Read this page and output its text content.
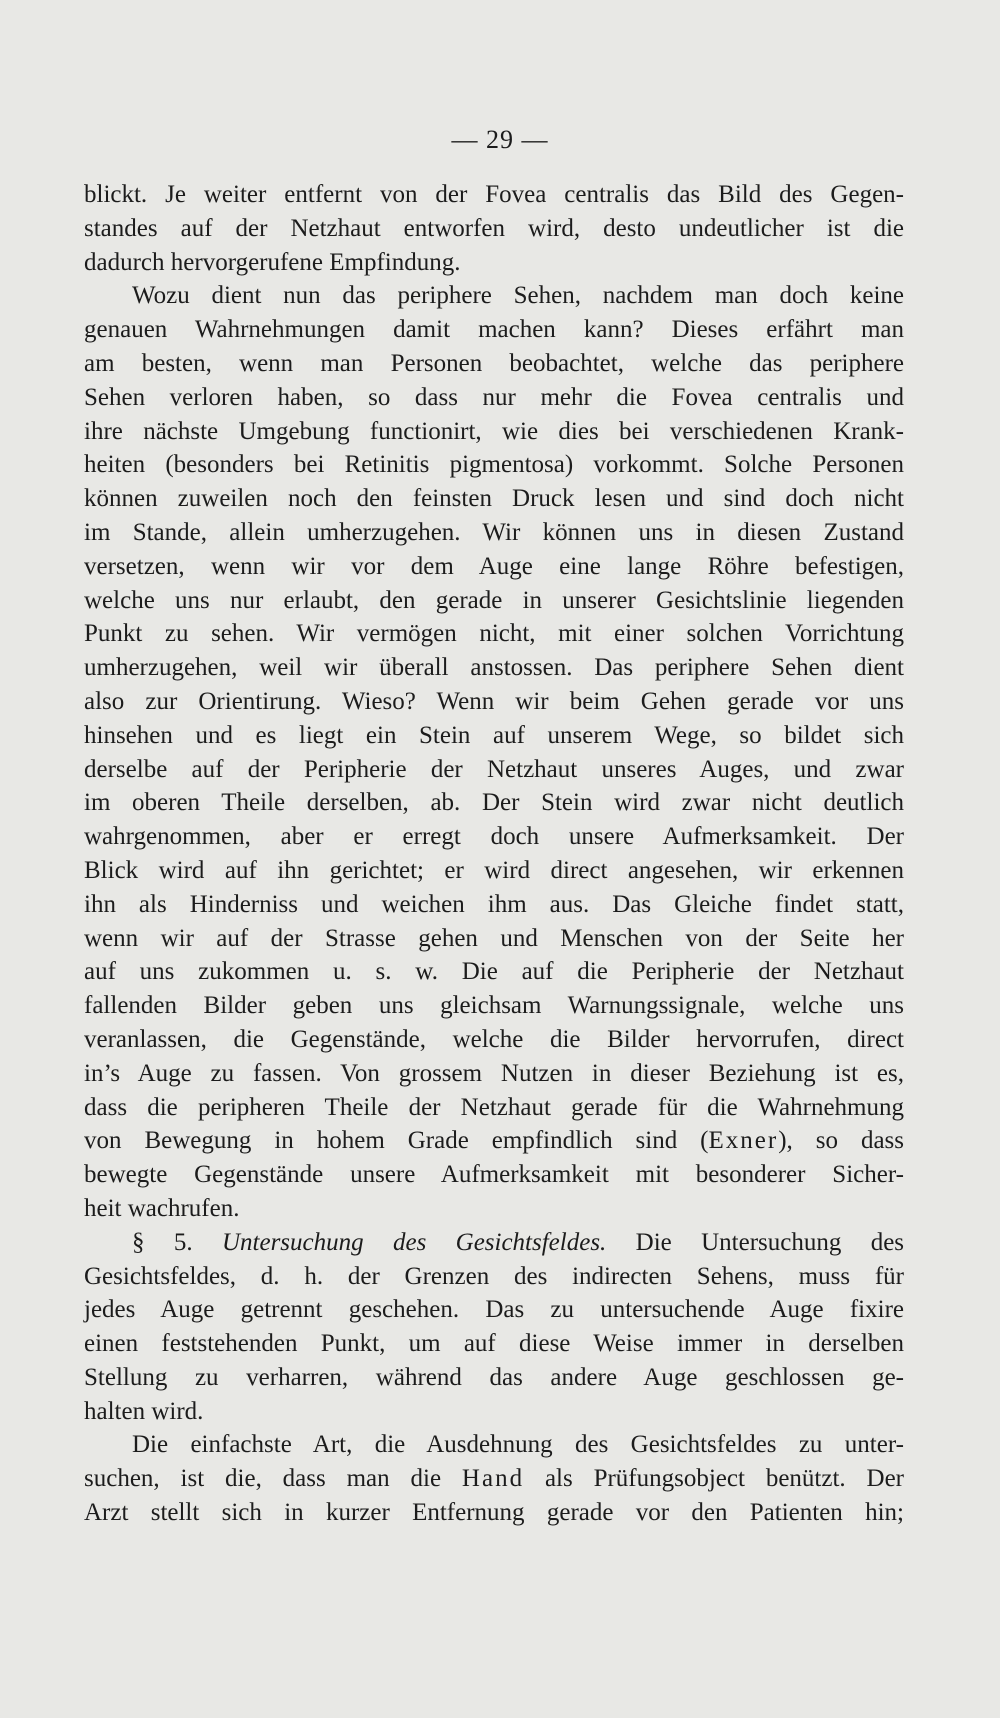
— 29 —
blickt. Je weiter entfernt von der Fovea centralis das Bild des Gegen-
standes auf der Netzhaut entworfen wird, desto undeutlicher ist die
dadurch hervorgerufene Empfindung.
Wozu dient nun das periphere Sehen, nachdem man doch keine
genauen Wahrnehmungen damit machen kann? Dieses erfährt man
am besten, wenn man Personen beobachtet, welche das periphere
Sehen verloren haben, so dass nur mehr die Fovea centralis und
ihre nächste Umgebung functionirt, wie dies bei verschiedenen Krank-
heiten (besonders bei Retinitis pigmentosa) vorkommt. Solche Personen
können zuweilen noch den feinsten Druck lesen und sind doch nicht
im Stande, allein umherzugehen. Wir können uns in diesen Zustand
versetzen, wenn wir vor dem Auge eine lange Röhre befestigen,
welche uns nur erlaubt, den gerade in unserer Gesichtslinie liegenden
Punkt zu sehen. Wir vermögen nicht, mit einer solchen Vorrichtung
umherzugehen, weil wir überall anstossen. Das periphere Sehen dient
also zur Orientirung. Wieso? Wenn wir beim Gehen gerade vor uns
hinsehen und es liegt ein Stein auf unserem Wege, so bildet sich
derselbe auf der Peripherie der Netzhaut unseres Auges, und zwar
im oberen Theile derselben, ab. Der Stein wird zwar nicht deutlich
wahrgenommen, aber er erregt doch unsere Aufmerksamkeit. Der
Blick wird auf ihn gerichtet; er wird direct angesehen, wir erkennen
ihn als Hinderniss und weichen ihm aus. Das Gleiche findet statt,
wenn wir auf der Strasse gehen und Menschen von der Seite her
auf uns zukommen u. s. w. Die auf die Peripherie der Netzhaut
fallenden Bilder geben uns gleichsam Warnungssignale, welche uns
veranlassen, die Gegenstände, welche die Bilder hervorrufen, direct
in’s Auge zu fassen. Von grossem Nutzen in dieser Beziehung ist es,
dass die peripheren Theile der Netzhaut gerade für die Wahrnehmung
von Bewegung in hohem Grade empfindlich sind (Exner), so dass
bewegte Gegenstände unsere Aufmerksamkeit mit besonderer Sicher-
heit wachrufen.
§ 5. Untersuchung des Gesichtsfeldes. Die Untersuchung des
Gesichtsfeldes, d. h. der Grenzen des indirecten Sehens, muss für
jedes Auge getrennt geschehen. Das zu untersuchende Auge fixire
einen feststehenden Punkt, um auf diese Weise immer in derselben
Stellung zu verharren, während das andere Auge geschlossen ge-
halten wird.
Die einfachste Art, die Ausdehnung des Gesichtsfeldes zu unter-
suchen, ist die, dass man die Hand als Prüfungsobject benützt. Der
Arzt stellt sich in kurzer Entfernung gerade vor den Patienten hin;
